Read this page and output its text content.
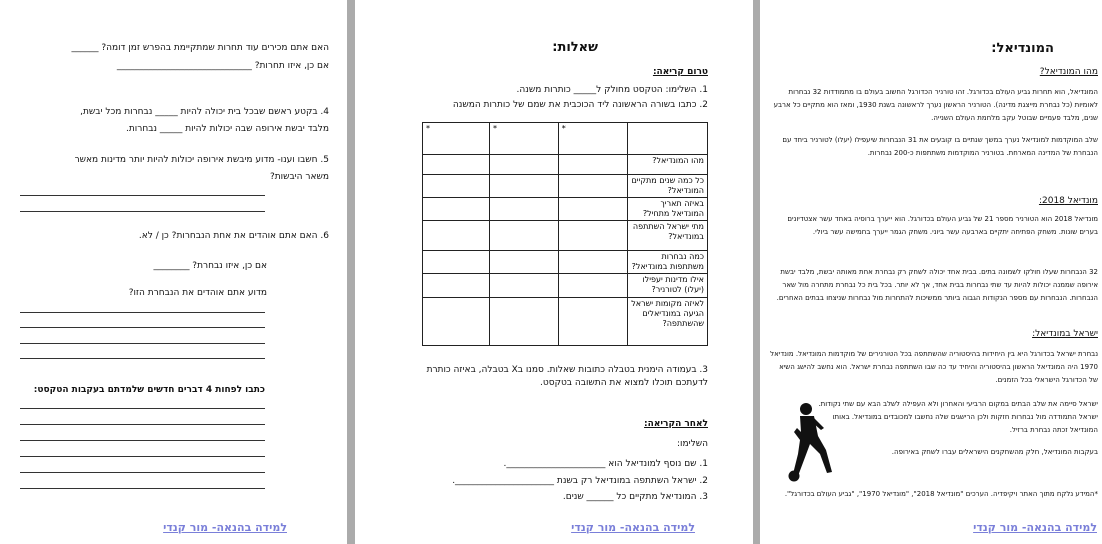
האם אתם מכירים עוד תחרות שמתקיימת בהפרש זמן דומה? ______
אם כן, איזו תחרות? ______________________________
4. בקטע ראשם שבכל בית יכולה להיות _____ נבחרות מכל יבשת, מלבד יבשת אירופה שבה יכולות להיות _____ נבחרות.
5. חשבו וענו- מדוע מיבשת אירופה יכולות להיות יותר מדינות מאשר משאר היבשות?
6. האם אתם אוהדים את אחת הנבחרות? כן / לא.
אם כן, איזו נבחרת? ________
מדוע אתם אוהדים את הנבחרת הזו?
כתבו לפחות 4 דברים חדשים שלמדתם בעקבות הטקסט:
למידה בהנאה- מור קנדי
שאלות:
טרום קריאה:
1. השלימו: הטקסט מחולק ל_____ כותרות משנה.
2. כתבו בשורה הראשונה ליד הכוכבית את שמם של כותרות המשנה
	*	*	*
מהו המונדיאל?			
כל כמה שנים מתקיים המונדיאל?			
באיזה תאריך המונדיאל מתחיל?			
מתי ישראל השתתפה במונדיאל?			
כמה נבחרות משתתפות במונדיאל?			
אילו מדינות יעפילו (יעלו) לטורניר?			
לאיזה מקומות ישראל הגיעה במונדיאלים שהשתתפה?			
3. בעמודה הימנית בטבלה כתובות שאלות. סמנו בX בטבלה, באיזה כותרת לדעתכם תוכלו למצוא את התשובה בטקסט.
לאחר הקריאה:
השלימו:
1. שם נוסף למונדיאל הוא ______________________.
2. ישראל השתתפה במונדיאל רק בשנת ______________________.
3. המונדיאל מתקיים כל ______ שנים.
למידה בהנאה- מור קנדי
המונדיאל:
מהו המונדיאל?
המונדיאל, הוא תחרות גביע העולם בכדורגל. זהו טורניר הכדורגל החשוב בעולם בו מתמודדות 32 נבחרות לאומיות (כל נבחרת מייצגת מדינה). הטורניר הראשון נערך לראשונה בשנת 1930, ומאז הוא מתקיים כל ארבע שנים, מלבד פעמיים שבוטל עקב מלחמת העולם השנייה.
שלב המוקדמות למונדיאל נערך במשך שנתיים בו קובעים את 31 הנבחרות שיעפילו (יעלו) לטורניר ביחד עם הנבחרת של המדינה המארחת. בטורניר המוקדמות משתתפות כ-200 נבחרות.
מונדיאל 2018:
מונדיאל 2018 הוא הטורניר מספר 21 של גביע העולם בכדורגל. הוא ייערך ברוסיה באחד עשר אצטדיונים בערים שונות. משחק הפתיחה יתקיים בארבעה עשר ביוני. משחק הגמר ייערך בחמישה עשר ביולי.
32 הנבחרות שעלו חולקו לשמונה בתים. בבית אחד יכולה לשחק רק נבחרת אחת מאותה יבשת, מלבד יבשת אירופה שממנה יכולות להיות עד שתי נבחרות בבית אחד, אך לא יותר. בכל בית כל נבחרת מתחרה מול שאר הנבחרות. הנבחרות עם מספר הנקודות הגבוה ביותר ממשיכות להתחרות מול נבחרות שניצחו בבתים האחרים.
ישראל במונדיאל:
נבחרת ישראל בכדורגל היא בין היחידות בהיסטוריה שהשתתפה בכל הטורנירים של מוקדמות המונדיאל. מונדיאל 1970 היה המונדיאל הראשון בהיסטוריה והיחיד עד כה שבו השתתפה נבחרת ישראל. הוא נחשב להישג השיא של הכדורגל הישראלי בכל הזמנים.
ישראל סיימה את שלב הבתים במקום הרביעי והאחרון ולא העפילה לשלב הבא עם שתי נקודות. ישראל התמודדה מול נבחרות חזקות ולכן הרישגים שלה נחשבו למכובדים במונדיאל. באותו המונדיאל זכתה נבחרת ברזיל.
בעקבות המונדיאל, חלק מהשחקנים הישראלים עברו לשחק באירופה.
*המידע נלקח מתוך האתר ויקיפדיה. הערכים "מונדיאל 2018", "מונדיאל 1970", "גביע העולם בכדורגל".
למידה בהנאה- מור קנדי
